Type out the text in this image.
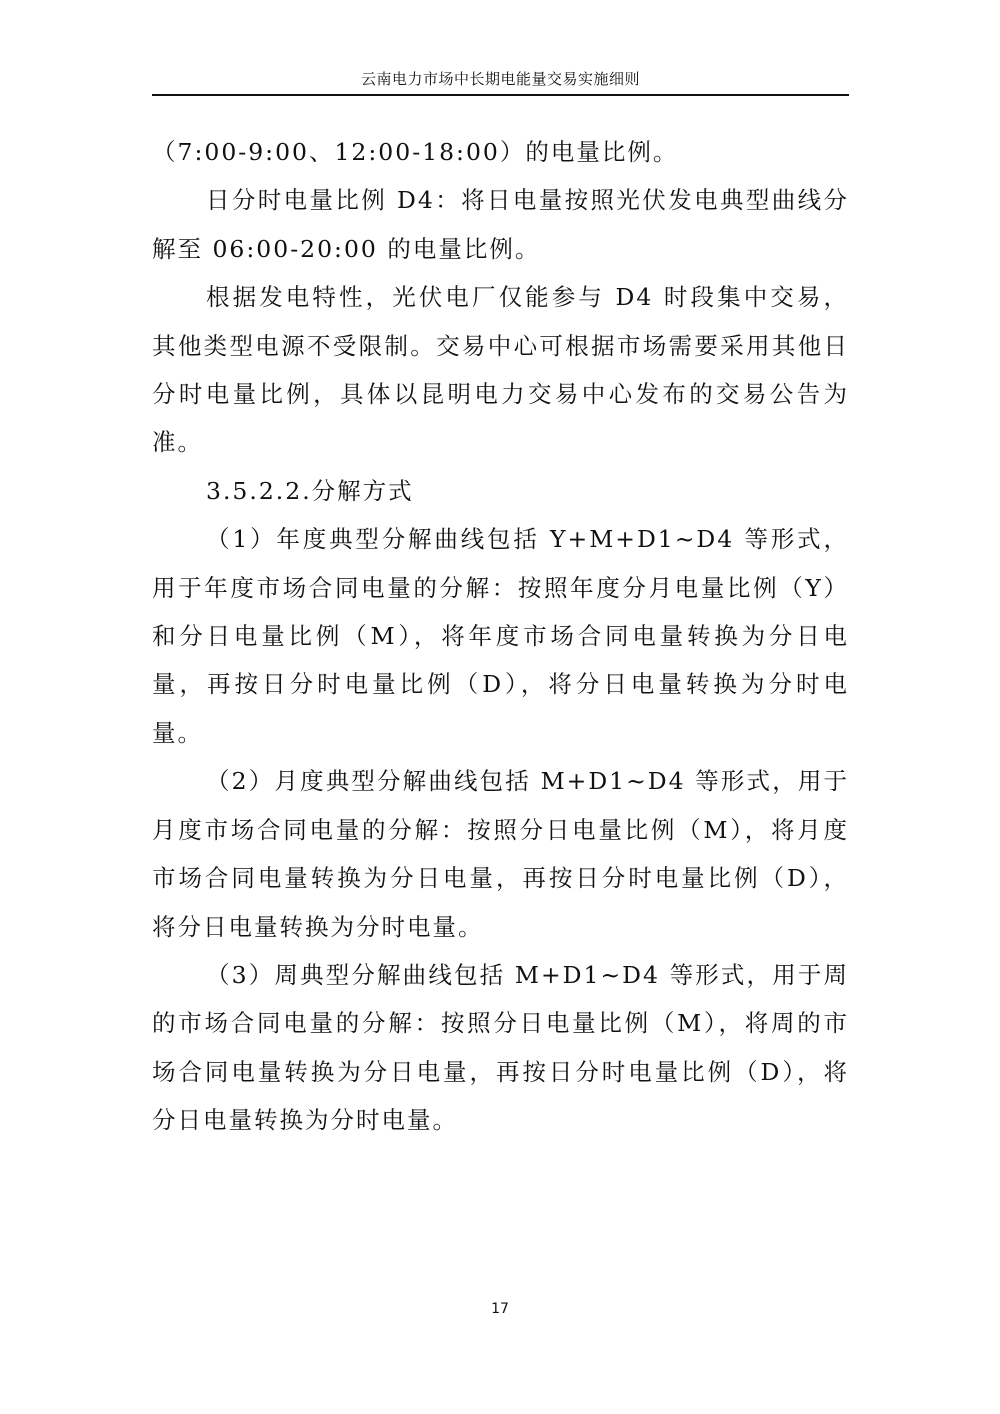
云南电力市场中长期电能量交易实施细则

（7:00-9:00、12:00-18:00）的电量比例。

日分时电量比例 D4：将日电量按照光伏发电典型曲线分解至 06:00-20:00 的电量比例。

根据发电特性，光伏电厂仅能参与 D4 时段集中交易，其他类型电源不受限制。交易中心可根据市场需要采用其他日分时电量比例，具体以昆明电力交易中心发布的交易公告为准。

3.5.2.2.分解方式

（1）年度典型分解曲线包括 Y+M+D1~D4 等形式，用于年度市场合同电量的分解：按照年度分月电量比例（Y）和分日电量比例（M），将年度市场合同电量转换为分日电量，再按日分时电量比例（D），将分日电量转换为分时电量。

（2）月度典型分解曲线包括 M+D1~D4 等形式，用于月度市场合同电量的分解：按照分日电量比例（M），将月度市场合同电量转换为分日电量，再按日分时电量比例（D），将分日电量转换为分时电量。

（3）周典型分解曲线包括 M+D1~D4 等形式，用于周的市场合同电量的分解：按照分日电量比例（M），将周的市场合同电量转换为分日电量，再按日分时电量比例（D），将分日电量转换为分时电量。

17
